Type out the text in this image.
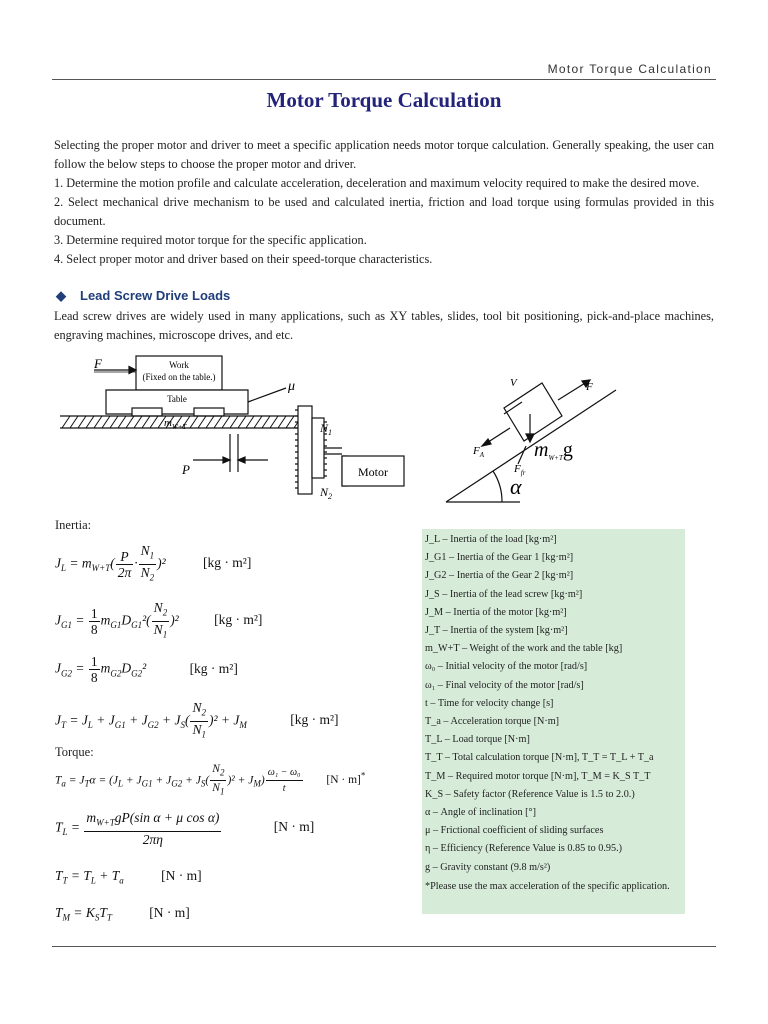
Motor Torque Calculation
Motor Torque Calculation

Selecting the proper motor and driver to meet a specific application needs motor torque calculation. Generally speaking, the user can follow the below steps to choose the proper motor and driver.

1. Determine the motion profile and calculate acceleration, deceleration and maximum velocity required to make the desired move.

2. Select mechanical drive mechanism to be used and calculated inertia, friction and load torque using formulas provided in this document.

3. Determine required motor torque for the specific application.

4. Select proper motor and driver based on their speed-torque characteristics.

◆ Lead Screw Drive Loads
Lead screw drives are widely used in many applications, such as XY tables, slides, tool bit positioning, pick-and-place machines, engraving machines, microscope drives, and etc.
F	Work
(Fixed on the table.)
Table
μ
$m_{W+T}$	$N_1$
$N_2$
P	Motor
V	F
$F_A$
$F_{fr}$
$m_{W+T}g$
α
Inertia:
$J_L = m_{W+T}( \frac{P}{2\pi} \cdot \frac{N_1}{N_2} )^2$	[kg · m²]
$J_{G1} = \frac{1}{8} m_{G1}D_{G1}^2( \frac{N_2}{N_1} )^2$ [kg · m²]
$J_{G2} = \frac{1}{8} m_{G2}D_{G2}^2$	[kg · m²]
$J_T = J_L + J_{G1} + J_{G2} + J_S( \frac{N_2}{N_1} )^2 + J_M$	[kg · m²]
Torque:
$T_a = J_T\alpha = (J_L + J_{G1} + J_{G2} + J_S( \frac{N_2}{N_1} )^2 + J_M) \frac{\text{ω₁ − ω₀}}{t} [N \cdot m]^*$
$T_L = \frac{m_{W+T}gP(\sin \alpha + \mu \cos \alpha)}{2\pi\eta}$	[N · m]
$T_T = T_L + T_a$	[N · m]
$T_M = K_ST_T$	[N · m]
J_L – Inertia of the load [kg·m²]
J_G1 – Inertia of the Gear 1 [kg·m²]
J_G2 – Inertia of the Gear 2 [kg·m²]
J_S – Inertia of the lead screw [kg·m²]
J_M – Inertia of the motor [kg·m²]
J_T – Inertia of the system [kg·m²]
m_W+T – Weight of the work and the table [kg]
ω₀ – Initial velocity of the motor [rad/s]
ω₁ – Final velocity of the motor [rad/s]
t – Time for velocity change [s]
T_a – Acceleration torque [N·m]
T_L – Load torque [N·m]
T_T – Total calculation torque [N·m], T_T = T_L + T_a
T_M – Required motor torque [N·m], T_M = K_S T_T
K_S – Safety factor (Reference Value is 1.5 to 2.0.)
α – Angle of inclination [°]
μ – Frictional coefficient of sliding surfaces
η – Efficiency (Reference Value is 0.85 to 0.95.)
g – Gravity constant (9.8 m/s²)
*Please use the max acceleration of the specific application.
